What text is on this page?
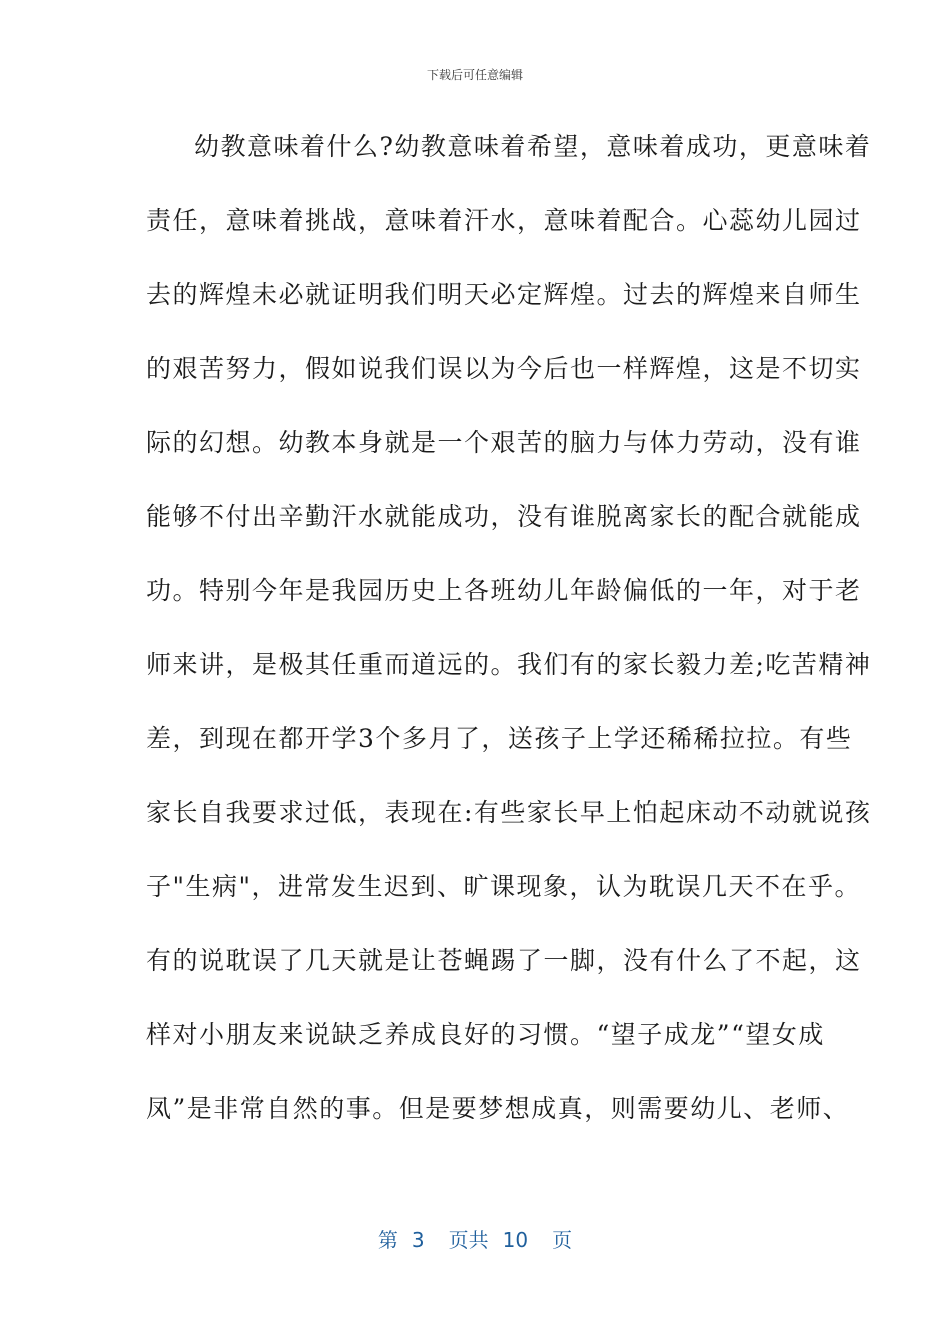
下载后可任意编辑
幼教意味着什么?幼教意味着希望，意味着成功，更意味着
责任，意味着挑战，意味着汗水，意味着配合。心蕊幼儿园过
去的辉煌未必就证明我们明天必定辉煌。过去的辉煌来自师生
的艰苦努力，假如说我们误以为今后也一样辉煌，这是不切实
际的幻想。幼教本身就是一个艰苦的脑力与体力劳动，没有谁
能够不付出辛勤汗水就能成功，没有谁脱离家长的配合就能成
功。特别今年是我园历史上各班幼儿年龄偏低的一年，对于老
师来讲，是极其任重而道远的。我们有的家长毅力差;吃苦精神
差，到现在都开学3个多月了，送孩子上学还稀稀拉拉。有些
家长自我要求过低，表现在:有些家长早上怕起床动不动就说孩
子"生病"，进常发生迟到、旷课现象，认为耽误几天不在乎。
有的说耽误了几天就是让苍蝇踢了一脚，没有什么了不起，这
样对小朋友来说缺乏养成良好的习惯。“望子成龙”“望女成
凤”是非常自然的事。但是要梦想成真，则需要幼儿、老师、
第 3 页共 10 页
